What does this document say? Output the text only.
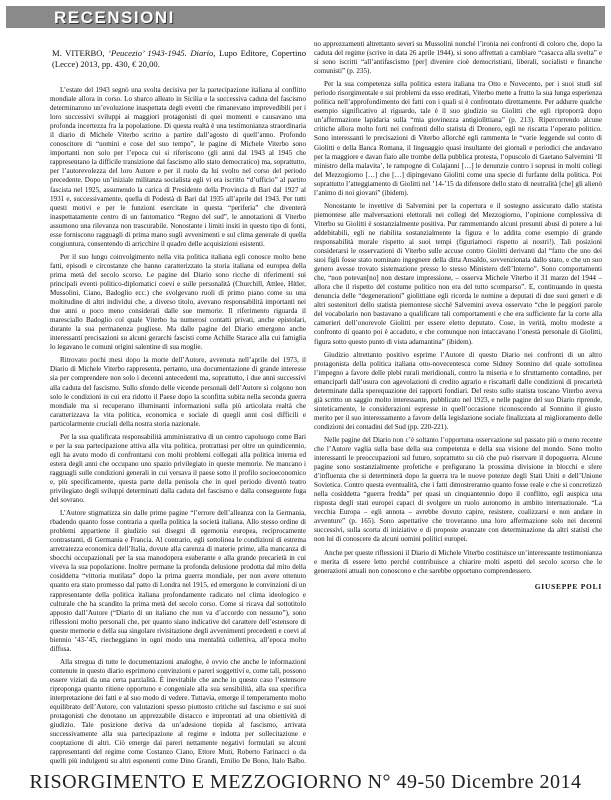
RECENSIONI
M. VITERBO, ‘Peucezio’ 1943-1945. Diario, Lupo Editore, Copertino (Lecce) 2013, pp. 430, € 20,00.

L’estate del 1943 segnò una svolta decisiva per la partecipazione italiana al conflitto mondiale allora in corso. Lo sbarco alleato in Sicilia e la successiva caduta del fascismo determinarono un’evoluzione inaspettata degli eventi che rimanevano imprevedibili per i loro successivi sviluppi ai maggiori protagonisti di quei momenti e causavano una profonda incertezza fra la popolazione. Di questa realtà è una testimonianza straordinaria il diario di Michele Viterbo scritto a partire dall’agosto di quell’anno. Profondo conoscitore di “uomini e cose del suo tempo”, le pagine di Michele Viterbo sono importanti non solo per l’epoca cui si riferiscono (gli anni dal 1943 al 1945 che rappresentano la difficile transizione dal fascismo allo stato democratico) ma, soprattutto, per l’autorevolezza del loro Autore e per il ruolo da lui svolto nel corso del periodo precedente. Dopo un’iniziale militanza socialista egli vi era iscritto “d’ufficio” al partito fascista nel 1925, assumendo la carica di Presidente della Provincia di Bari dal 1927 al 1931 e, successivamente, quella di Podestà di Bari dal 1935 all’aprile del 1943. Per tutti questi motivi e per le funzioni esercitate in questa “periferia” che diventerà inaspettatamente centro di un fantomatico “Regno del sud”, le annotazioni di Viterbo assumono una rilevanza non trascurabile. Nonostante i limiti insiti in questo tipo di fonti, esse forniscono ragguagli di prima mano sugli avvenimenti e sul clima generale di quella congiuntura, consentendo di arricchire il quadro delle acquisizioni esistenti.

Per il suo lungo coinvolgimento nella vita politica italiana egli conosce molto bene fatti, episodi e circostanze che hanno caratterizzato la storia italiana ed europea della prima metà del secolo scorso. Le pagine del Diario sono ricche di riferimenti sui principali eventi politico-diplomatici coevi e sulle personalità (Churchill, Attlee, Hitler, Mussolini, Ciano, Badoglio ecc.) che svolgevano ruoli di primo piano come su una moltitudine di altri individui che, a diverso titolo, avevano responsabilità importanti nei due anni o poco meno considerati dalle sue memorie. Il riferimento riguarda il maresciallo Badoglio col quale Viterbo ha numerosi contatti privati, anche epistolari, durante la sua permanenza pugliese. Ma dalle pagine del Diario emergono anche interessanti precisazioni su alcuni gerarchi fascisti come Achille Starace alla cui famiglia lo legavano le comuni origini salentine di sua moglie.

Ritrovato pochi mesi dopo la morte dell’Autore, avvenuta nell’aprile del 1973, il Diario di Michele Viterbo rappresenta, pertanto, una documentazione di grande interesse sia per comprendere non solo i decenni antecedenti ma, soprattutto, i due anni successivi alla caduta del fascismo. Sullo sfondo delle vicende personali dell’Autore si colgono non solo le condizioni in cui era ridotto il Paese dopo la sconfitta subita nella seconda guerra mondiale ma si recuperano illuminanti informazioni sulla più articolata realtà che caratterizzava la vita politica, economica e sociale di quegli anni così difficili e particolarmente cruciali della nostra storia nazionale.

Per la sua qualificata responsabilità amministrativa di un centro capoluogo come Bari e per la sua partecipazione attiva alla vita politica, protrattasi per oltre un quindicennio, egli ha avuto modo di confrontarsi con molti problemi collegati alla politica interna ed estera degli anni che occupano uno spazio privilegiato in queste memorie. Ne mancano i ragguagli sulle condizioni generali in cui versava il paese sotto il profilo socioeconomico e, più specificamente, questa parte della penisola che in quel periodo diventò teatro privilegiato degli sviluppi determinati dalla caduta del fascismo e dalla conseguente fuga del sovrano.

L’Autore stigmatizza sin dalle prime pagine “l’errore dell’alleanza con la Germania, rbadendo quanto fosse contraria a quella politica la società italiana. Allo stesso ordine di problemi appartiene il giudizio sui disegni di egemonia europea, reciprocamente contrastanti, di Germania e Francia. Al contrario, egli sottolinea le condizioni di estrema arretratezza economica dell’Italia, dovute alla carenza di materie prime, alla mancanza di sbocchi occupazionali per la sua manodopera esuberante e alla grande precarietà in cui viveva la sua popolazione. Inoltre permane la profonda delusione prodotta dal mito della cosiddetta “vittoria mutilata” dopo la prima guerra mondiale, per non avere ottenuto quanto era stato promesso dal patto di Londra nel 1915, ed emergono le convinzioni di un rappresentante della politica italiana profondamente radicato nel clima ideologico e culturale che ha scandito la prima metà del secolo corso. Come si ricava dal sottotitolo apposto dall’Autore (“Diario di un italiano che non va d’accordo con nessuno”), sono riflessioni molto personali che, per quanto siano indicative del carattere dell’estensore di queste memorie e della sua singolare rivisitazione degli avvenimenti precedenti e coevi al biennio ’43-’45, riecheggiano in ogni modo una mentalità collettiva, all’epoca molto diffusa.

Alla stregua di tutte le documentazioni analoghe, è ovvio che anche le informazioni contenute in questo diario esprimono convinzioni e pareri soggettivi e, come tali, possono essere viziati da una certa parzialità. È inevitabile che anche in questo caso l’estensore riproponga quanto ritiene opportuno e congeniale alla sua sensibilità, alla sua specifica interpretazione dei fatti e al suo modo di vedere. Tuttavia, emerge il temperamento molto equilibrato dell’Autore, con valutazioni spesso piuttosto critiche sul fascismo e sui suoi protagonisti che denotano un apprezzabile distacco e improntati ad una obiettività di giudizio. Tale posizione deriva da un’adesione tiepida al fascismo, arrivata successivamente alla sua partecipazione al regime e indotta per sollecitazione e cooptazione di altri. Ciò emerge dai pareri nettamente negativi formulati su alcuni rappresentanti del regime come Costanzo Ciano, Ettore Muti, Roberto Farinacci o da quelli più indulgenti su altri esponenti come Dino Grandi, Emilio De Bono, Italo Balbo.

no apprezzamenti altrettanto severi su Mussolini nonché l’ironia nei confronti di coloro che, dopo la caduta del regime (scrive in data 26 aprile 1944), si sono affrettati a cambiare “casacca alla svelta” e si sono iscritti “all’antifascismo [per] divenire cioè democristiani, liberali, socialisti e finanche comunisti” (p. 235).

Per la sua competenza sulla politica estera italiana tra Otto e Novecento, per i suoi studi sul periodo risorgimentale e sui problemi da esso ereditati, Viterbo mette a frutto la sua lunga esperienza politica nell’approfondimento dei fatti con i quali si è confrontato direttamente. Per addurre qualche esempio significativo al riguardo, tale è il suo giudizio su Giolitti che egli riproporrà dopo un’affermazione lapidaria sulla “mia giovinezza antigiolittiana” (p. 213). Ripercorrendo alcune critiche allora molto forti nei confronti dello statista di Dronero, egli ne riscatta l’operato politico. Sono interessanti le precisazioni di Viterbo allorché egli rammenta le “varie leggende sul conto di Giolitti e della Banca Romana, il linguaggio quasi insultante dei giornali e periodici che andavano per la maggiore e davan fiato alle trombe della pubblica protesta, l’opuscolo di Gaetano Salvemini ‘Il ministro della malavita’, le rampogne di Colajanni […] le denunzie contro i soprusi in molti collegi del Mezzogiorno […] che […] dipingevano Giolitti come una specie di furfante della politica. Poi soprattutto l’atteggiamento di Giolitti nel ’14-’15 da difensore dello stato di neutralità [che] gli alienò l’animo di noi giovani” (ibidem).

Nonostante le invettive di Salvemini per la copertura e il sostegno assicurato dallo statista piemontese alle malversazioni elettorali nei collegi del Mezzogiorno, l’opinione complessiva di Viterbo su Giolitti è sostanzialmente positiva. Pur rammentando alcuni presunti abusi di potere a lui addebitabili, egli ne riabilita sostanzialmente la figura e lo addita come esempio di grande responsabilità morale rispetto ai suoi tempi (figuriamoci rispetto ai nostri!). Tali posizioni considerarsi le osservazioni di Viterbo sulle accuse contro Giolitti derivanti dal “fatto che uno dei suoi figli fosse stato nominato ingegnere della ditta Ansaldo, sovvenzionata dallo stato, e che un suo genero avesse trovato sistemazione presso lo stesso Ministero dell’Interno”. Sono comportamenti che, “non potevan[no] non destare impressione, – osserva Michele Viterbo il 31 marzo del 1944 – allora che il rispetto del costume politico non era del tutto scomparso”. E, continuando in questa denuncia delle “degenerazioni” giolittiane egli ricorda le nomine a deputati di due suoi generi e di altri sostenitori dello statista piemontese sicché Salvemini aveva osservato “che le peggiori parole del vocabolario non bastavano a qualificare tali comportamenti e che era sufficiente far la corte alla camerieri dell’onorevole Giolitti per essere eletto deputato. Cose, in verità, molto modeste a confronto di quanto poi è accaduto, e che comunque non intaccavano l’onestà personale di Giolitti, figura sotto questo punto di vista adamantina” (ibidem).

Giudizio altrettanto positivo esprime l’Autore di questo Diario nei confronti di un altro protagonista della politica italiana otto-novecentesca come Sidney Sonnino del quale sottolinea l’impegno a favore delle plebi rurali meridionali, contro la miseria e lo sfruttamento contadino, per emanciparli dall’usura con agevolazioni di credito agrario e riscattarli dalle condizioni di precarietà determinate dalla sperequazione dei rapporti fondiari. Del resto sullo statista toscano Viterbo aveva già scritto un saggio molto interessante, pubblicato nel 1923, e nelle pagine del suo Diario riprende, sinteticamente, le considerazioni espresse in quell’occasione riconoscendo al Sonnino il giusto merito per il suo interessamento a favore della legislazione sociale finalizzata al miglioramento delle condizioni dei contadini del Sud (pp. 220-221).

Nelle pagine del Diario non c’è soltanto l’opportuna osservazione sul passato più o meno recente che l’Autore vaglia sulla base della sua competenza e della sua visione del mondo. Sono molto interessanti le preoccupazioni sul futuro, soprattutto su ciò che può riservare il dopoguerra. Alcune pagine sono sostanzialmente profetiche e prefigurano la prossima divisione in blocchi e sfere d’influenza che si determinerà dopo la guerra tra le nuove potenze degli Stati Uniti e dell’Unione Sovietica. Contro questa eventualità, che i fatti dimostreranno quanto fosse reale e che si concretizzò nella cosiddetta “guerra fredda” per quasi un cinquantennio dopo il conflitto, egli auspica una risposta degli stati europei capaci di svolgere un ruolo autonomo in ambito internazionale. “La vecchia Europa – egli annota – avrebbe dovuto capire, resistere, coalizzarsi e non andare in avventure” (p. 165). Sono aspettative che troveranno una loro affermazione solo nei decenni successivi, sulla scorta di iniziative e di proposte avanzate con determinazione da altri statisti che non lui di conoscere da alcuni uomini politici europei.

Anche per queste riflessioni il Diario di Michele Viterbo costituisce un’interessante testimonianza e merita di essere letto perché contribuisce a chiarire molti aspetti del secolo scorso che le generazioni attuali non conoscono e che sarebbe opportuno comprendessero.

GIUSEPPE POLI
RISORGIMENTO E MEZZOGIORNO N° 49-50 Dicembre 2014
